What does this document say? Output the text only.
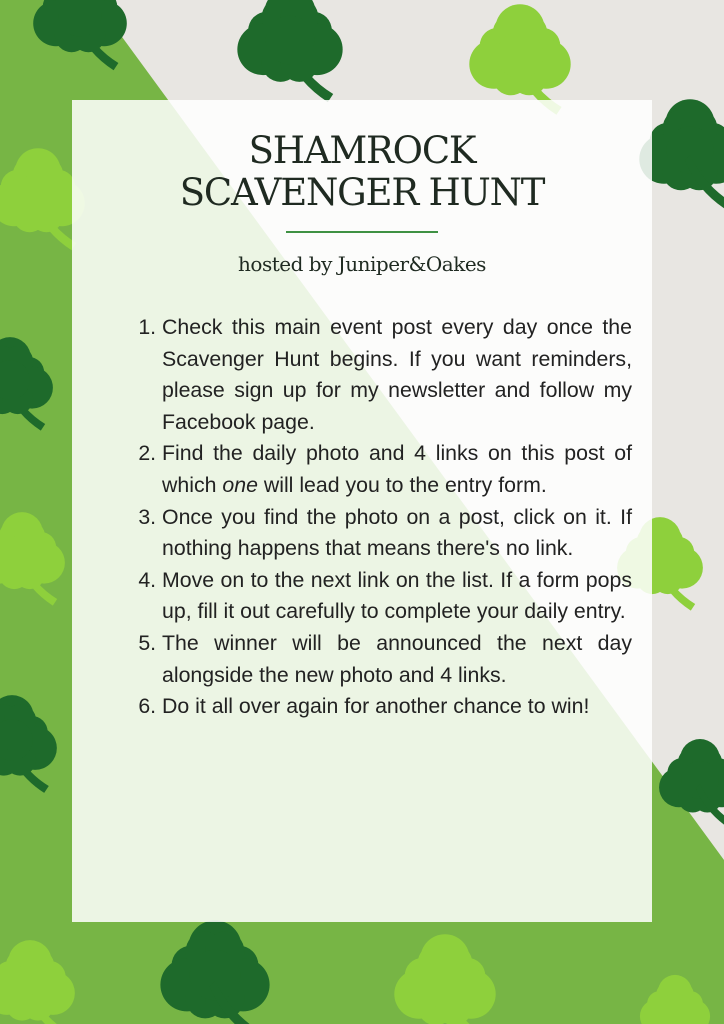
SHAMROCK
SCAVENGER HUNT
hosted by Juniper&Oakes
1. Check this main event post every day once the Scavenger Hunt begins. If you want reminders, please sign up for my newsletter and follow my Facebook page.
2. Find the daily photo and 4 links on this post of which one will lead you to the entry form.
3. Once you find the photo on a post, click on it. If nothing happens that means there's no link.
4. Move on to the next link on the list. If a form pops up, fill it out carefully to complete your daily entry.
5. The winner will be announced the next day alongside the new photo and 4 links.
6. Do it all over again for another chance to win!
